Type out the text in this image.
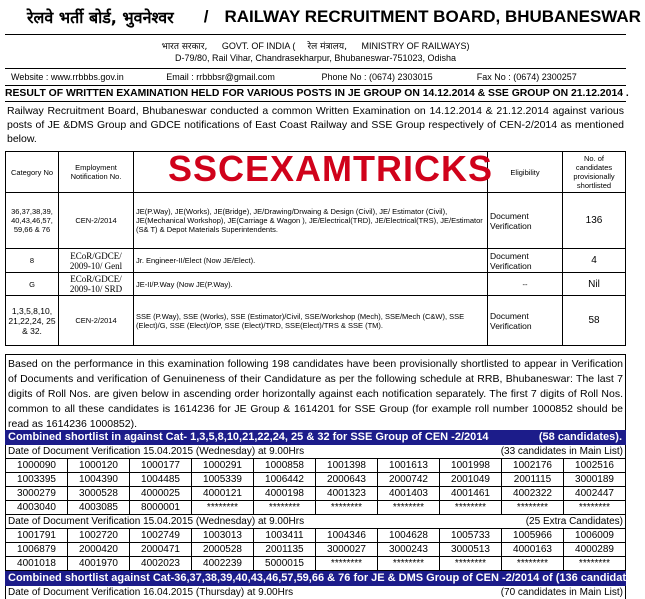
रेलवे भर्ती बोर्ड, भुवनेश्वर	/ RAILWAY RECRUITMENT BOARD, BHUBANESWAR
भारत सरकार, GOVT. OF INDIA ( रेल मंत्रालय, MINISTRY OF RAILWAYS)
D-79/80, Rail Vihar, Chandrasekharpur, Bhubaneswar-751023, Odisha
Website : www.rrbbbs.gov.in	Email : rrbbbsr@gmail.com	Phone No : (0674) 2303015	Fax No : (0674) 2300257
RESULT OF WRITTEN EXAMINATION HELD FOR VARIOUS POSTS IN JE GROUP ON 14.12.2014 & SSE GROUP ON 21.12.2014 .
Railway Recruitment Board, Bhubaneswar conducted a common Written Examination on 14.12.2014 & 21.12.2014 against various posts of JE &DMS Group and GDCE notifications of East Coast Railway and SSE Group respectively of CEN-2/2014 as mentioned below.
Category No	Employment Notification No.		Eligibility	No. of candidates provisionally shortlisted
36,37,38,39, 40,43,46,57, 59,66 & 76	CEN-2/2014	JE(P.Way), JE(Works), JE(Bridge), JE/Drawing/Drwaing & Design (Civil), JE/ Estimator (Civil), JE(Mechanical Workshop), JE(Carriage & Wagon ), JE/Electrical(TRD), JE/Electrical(TRS), JE/Estimator (S& T) & Depot Materials Superintendents.	Document Verification	136
8	ECoR/GDCE/ 2009-10/ Genl	Jr. Engineer-II/Elect (Now JE/Elect).	Document Verification	4
G	ECoR/GDCE/ 2009-10/ SRD	JE-II/P.Way (Now JE(P.Way).	--	Nil
1,3,5,8,10, 21,22,24, 25 & 32.	CEN-2/2014	SSE (P.Way), SSE (Works), SSE (Estimator)/Civil, SSE/Workshop (Mech), SSE/Mech (C&W), SSE (Elect)/G, SSE (Elect)/OP, SSE (Elect)/TRD, SSE(Elect)/TRS & SSE (TM).	Document Verification	58
SSCEXAMTRICKS
Based on the performance in this examination following 198 candidates have been provisionally shortlisted to appear in Verification of Documents and verification of Genuineness of their Candidature as per the following schedule at RRB, Bhubaneswar: The last 7 digits of Roll Nos. are given below in ascending order horizontally against each notification separately. The first 7 digits of Roll Nos. common to all these candidates is 1614236 for JE Group & 1614201 for SSE Group (for example roll number 1000852 should be read as 1614236 1000852).
Combined shortlist in against Cat- 1,3,5,8,10,21,22,24, 25 & 32 for SSE Group of CEN -2/2014	(58 candidates).
Date of Document Verification 15.04.2015 (Wednesday) at 9.00Hrs	(33 candidates in Main List)
1000090	1000120	1000177	1000291	1000858	1001398	1001613	1001998	1002176	1002516
1003395	1004390	1004485	1005339	1006442	2000643	2000742	2001049	2001115	3000189
3000279	3000528	4000025	4000121	4000198	4001323	4001403	4001461	4002322	4002447
4003040	4003085	8000001	********	********	********	********	********	********	********
Date of Document Verification 15.04.2015 (Wednesday) at 9.00Hrs	(25 Extra Candidates)
1001791	1002720	1002749	1003013	1003411	1004346	1004628	1005733	1005966	1006009
1006879	2000420	2000471	2000528	2001135	3000027	3000243	3000513	4000163	4000289
4001018	4001970	4002023	4002239	5000015	********	********	********	********	********
Combined shortlist against Cat-36,37,38,39,40,43,46,57,59,66 & 76 for JE & DMS Group of CEN -2/2014 of (136 candidates).
Date of Document Verification 16.04.2015 (Thursday) at 9.00Hrs	(70 candidates in Main List)
